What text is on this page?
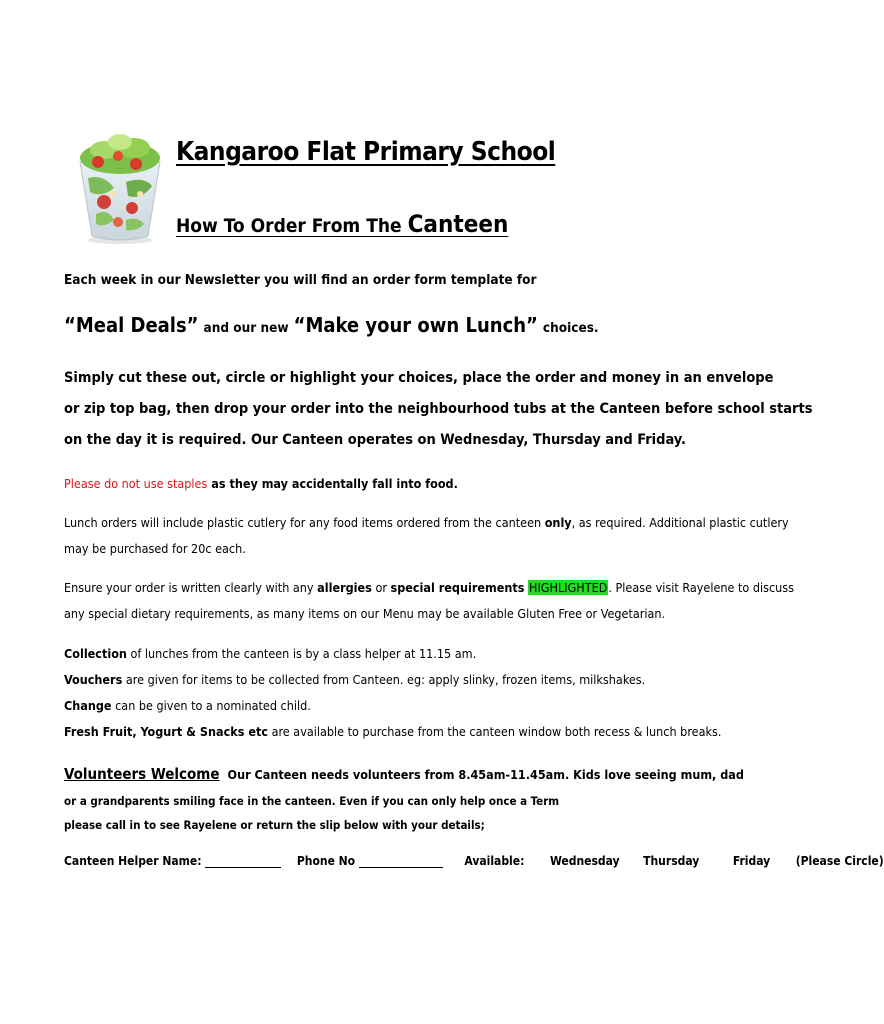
Kangaroo Flat Primary School
How To Order From The Canteen
Each week in our Newsletter you will find an order form template for
“Meal Deals” and our new “Make your own Lunch” choices.
Simply cut these out, circle or highlight your choices, place the order and money in an envelope
or zip top bag, then drop your order into the neighbourhood tubs at the Canteen before school starts
on the day it is required. Our Canteen operates on Wednesday, Thursday and Friday.
Please do not use staples as they may accidentally fall into food.
Lunch orders will include plastic cutlery for any food items ordered from the canteen only, as required. Additional plastic cutlery
may be purchased for 20c each.
Ensure your order is written clearly with any allergies or special requirements HIGHLIGHTED. Please visit Rayelene to discuss
any special dietary requirements, as many items on our Menu may be available Gluten Free or Vegetarian.
Collection of lunches from the canteen is by a class helper at 11.15 am.
Vouchers are given for items to be collected from Canteen. eg: apply slinky, frozen items, milkshakes.
Change can be given to a nominated child.
Fresh Fruit, Yogurt & Snacks etc are available to purchase from the canteen window both recess & lunch breaks.
Volunteers Welcome Our Canteen needs volunteers from 8.45am-11.45am. Kids love seeing mum, dad
or a grandparents smiling face in the canteen. Even if you can only help once a Term
please call in to see Rayelene or return the slip below with your details;
Canteen Helper Name:	Phone No	Available: Wednesday Thursday	Friday (Please Circle)
